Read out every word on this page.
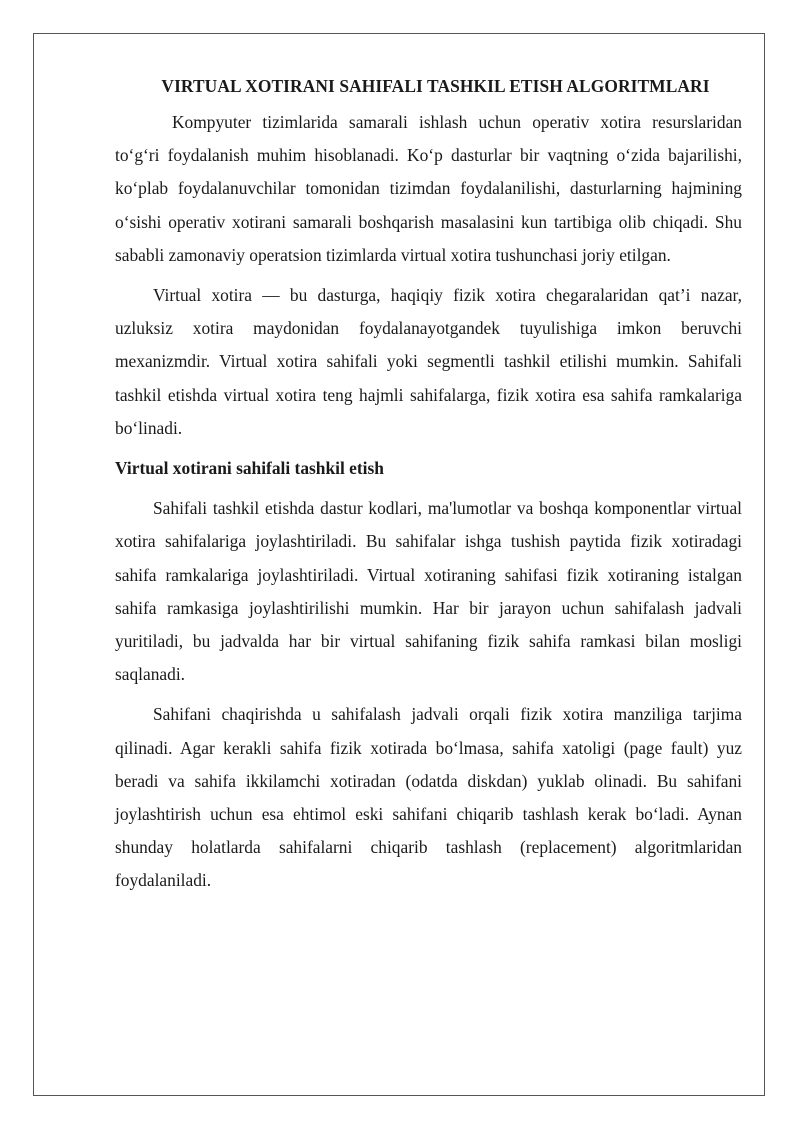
VIRTUAL XOTIRANI SAHIFALI TASHKIL ETISH ALGORITMLARI

Kompyuter tizimlarida samarali ishlash uchun operativ xotira resurslaridan to‘g‘ri foydalanish muhim hisoblanadi. Ko‘p dasturlar bir vaqtning o‘zida bajarilishi, ko‘plab foydalanuvchilar tomonidan tizimdan foydalanilishi, dasturlarning hajmining o‘sishi operativ xotirani samarali boshqarish masalasini kun tartibiga olib chiqadi. Shu sababli zamonaviy operatsion tizimlarda virtual xotira tushunchasi joriy etilgan.

Virtual xotira — bu dasturga, haqiqiy fizik xotira chegaralaridan qat’i nazar, uzluksiz xotira maydonidan foydalanayotgandek tuyulishiga imkon beruvchi mexanizmdir. Virtual xotira sahifali yoki segmentli tashkil etilishi mumkin. Sahifali tashkil etishda virtual xotira teng hajmli sahifalarga, fizik xotira esa sahifa ramkalariga bo‘linadi.

Virtual xotirani sahifali tashkil etish

Sahifali tashkil etishda dastur kodlari, ma'lumotlar va boshqa komponentlar virtual xotira sahifalariga joylashtiriladi. Bu sahifalar ishga tushish paytida fizik xotiradagi sahifa ramkalariga joylashtiriladi. Virtual xotiraning sahifasi fizik xotiraning istalgan sahifa ramkasiga joylashtirilishi mumkin. Har bir jarayon uchun sahifalash jadvali yuritiladi, bu jadvalda har bir virtual sahifaning fizik sahifa ramkasi bilan mosligi saqlanadi.

Sahifani chaqirishda u sahifalash jadvali orqali fizik xotira manziliga tarjima qilinadi. Agar kerakli sahifa fizik xotirada bo‘lmasa, sahifa xatoligi (page fault) yuz beradi va sahifa ikkilamchi xotiradan (odatda diskdan) yuklab olinadi. Bu sahifani joylashtirish uchun esa ehtimol eski sahifani chiqarib tashlash kerak bo‘ladi. Aynan shunday holatlarda sahifalarni chiqarib tashlash (replacement) algoritmlaridan foydalaniladi.
